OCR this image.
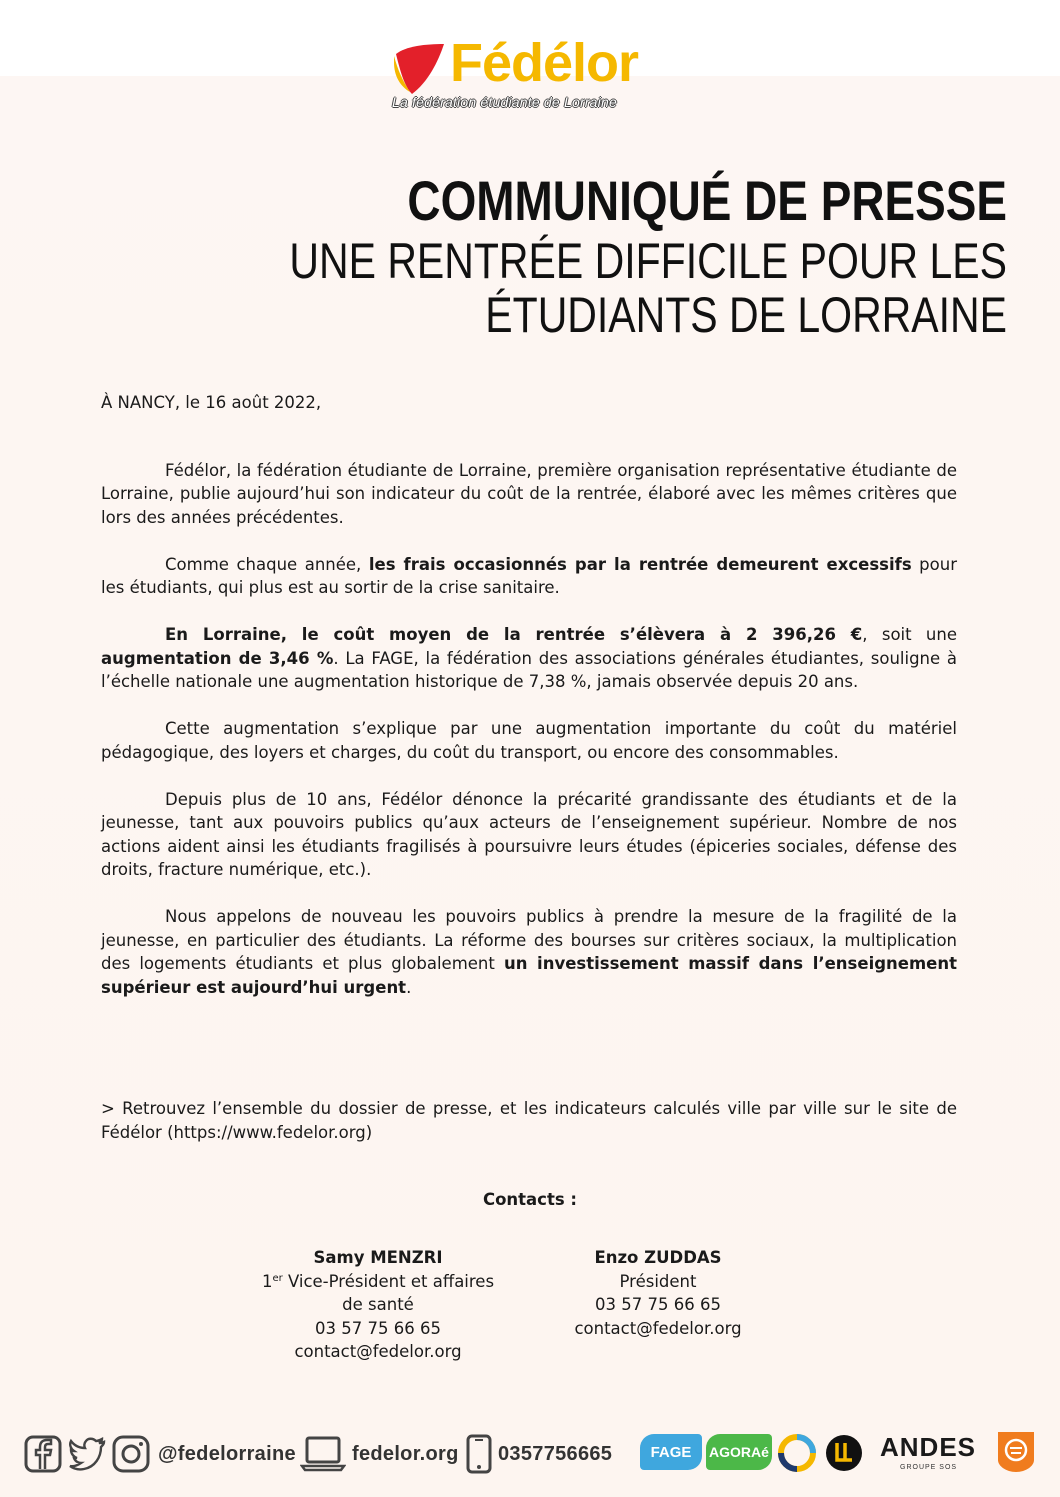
Fédélor
La fédération étudiante de Lorraine
COMMUNIQUÉ DE PRESSE
UNE RENTRÉE DIFFICILE POUR LES
ÉTUDIANTS DE LORRAINE

À NANCY, le 16 août 2022,

Fédélor, la fédération étudiante de Lorraine, première organisation représentative étudiante de Lorraine, publie aujourd’hui son indicateur du coût de la rentrée, élaboré avec les mêmes critères que lors des années précédentes.

Comme chaque année, les frais occasionnés par la rentrée demeurent excessifs pour les étudiants, qui plus est au sortir de la crise sanitaire.

En Lorraine, le coût moyen de la rentrée s’élèvera à 2 396,26 €, soit une augmentation de 3,46 %. La FAGE, la fédération des associations générales étudiantes, souligne à l’échelle nationale une augmentation historique de 7,38 %, jamais observée depuis 20 ans.

Cette augmentation s’explique par une augmentation importante du coût du matériel pédagogique, des loyers et charges, du coût du transport, ou encore des consommables.

Depuis plus de 10 ans, Fédélor dénonce la précarité grandissante des étudiants et de la jeunesse, tant aux pouvoirs publics qu’aux acteurs de l’enseignement supérieur. Nombre de nos actions aident ainsi les étudiants fragilisés à poursuivre leurs études (épiceries sociales, défense des droits, fracture numérique, etc.).

Nous appelons de nouveau les pouvoirs publics à prendre la mesure de la fragilité de la jeunesse, en particulier des étudiants. La réforme des bourses sur critères sociaux, la multiplication des logements étudiants et plus globalement un investissement massif dans l’enseignement supérieur est aujourd’hui urgent.

> Retrouvez l’ensemble du dossier de presse, et les indicateurs calculés ville par ville sur le site de Fédélor (https://www.fedelor.org)
Contacts :
Samy MENZRI
1er Vice-Président et affaires
de santé
03 57 75 66 65
contact@fedelor.org
Enzo ZUDDAS
Président
03 57 75 66 65
contact@fedelor.org
@fedelorraine	fedelor.org 0357756665	FAGE	AGORAé	ANDES
GROUPE SOS
